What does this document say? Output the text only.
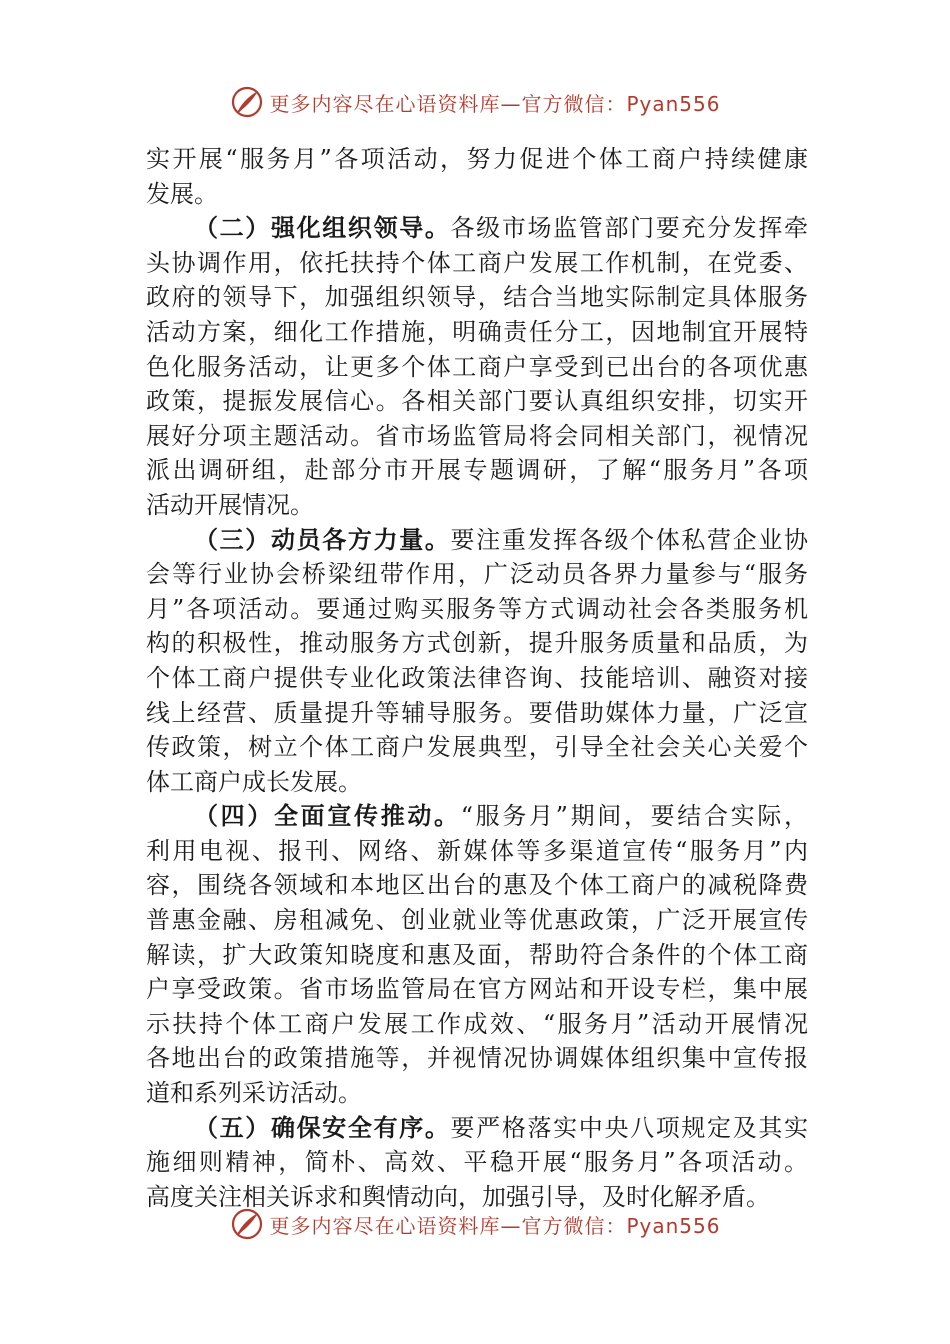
更多内容尽在心语资料库—官方微信：Pyan556
实开展“服务月”各项活动，努力促进个体工商户持续健康
发展。
（二）强化组织领导。各级市场监管部门要充分发挥牵
头协调作用，依托扶持个体工商户发展工作机制，在党委、
政府的领导下，加强组织领导，结合当地实际制定具体服务
活动方案，细化工作措施，明确责任分工，因地制宜开展特
色化服务活动，让更多个体工商户享受到已出台的各项优惠
政策，提振发展信心。各相关部门要认真组织安排，切实开
展好分项主题活动。省市场监管局将会同相关部门，视情况
派出调研组，赴部分市开展专题调研，了解“服务月”各项
活动开展情况。
（三）动员各方力量。要注重发挥各级个体私营企业协
会等行业协会桥梁纽带作用，广泛动员各界力量参与“服务
月”各项活动。要通过购买服务等方式调动社会各类服务机
构的积极性，推动服务方式创新，提升服务质量和品质，为
个体工商户提供专业化政策法律咨询、技能培训、融资对接
线上经营、质量提升等辅导服务。要借助媒体力量，广泛宣
传政策，树立个体工商户发展典型，引导全社会关心关爱个
体工商户成长发展。
（四）全面宣传推动。“服务月”期间，要结合实际，
利用电视、报刊、网络、新媒体等多渠道宣传“服务月”内
容，围绕各领域和本地区出台的惠及个体工商户的减税降费
普惠金融、房租减免、创业就业等优惠政策，广泛开展宣传
解读，扩大政策知晓度和惠及面，帮助符合条件的个体工商
户享受政策。省市场监管局在官方网站和开设专栏，集中展
示扶持个体工商户发展工作成效、“服务月”活动开展情况
各地出台的政策措施等，并视情况协调媒体组织集中宣传报
道和系列采访活动。
（五）确保安全有序。要严格落实中央八项规定及其实
施细则精神，简朴、高效、平稳开展“服务月”各项活动。
高度关注相关诉求和舆情动向，加强引导，及时化解矛盾。
更多内容尽在心语资料库—官方微信：Pyan556
